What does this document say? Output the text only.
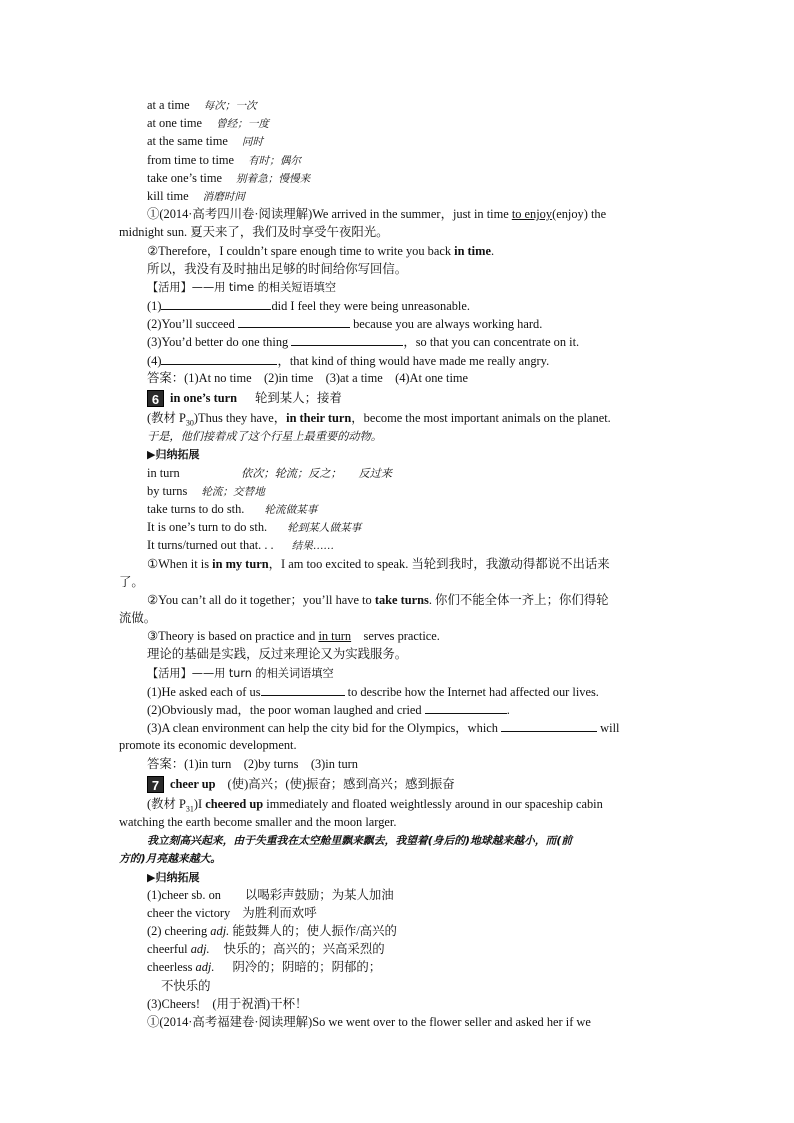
at a time 每次；一次
at one time 曾经；一度
at the same time 同时
from time to time 有时；偶尔
take one’s time 别着急；慢慢来
kill time 消磨时间
①(2014·高考四川卷·阅读理解)We arrived in the summer，just in time to enjoy(enjoy) the
midnight sun. 夏天来了，我们及时享受午夜阳光。
②Therefore，I couldn’t spare enough time to write you back in time.
所以，我没有及时抽出足够的时间给你写回信。
【活用】——用 time 的相关短语填空
(1)	did I feel they were being unreasonable.
(2)You’ll succeed	because you are always working hard.
(3)You’d better do one thing	，so that you can concentrate on it.
(4)	，that kind of thing would have made me really angry.
答案：(1)At no time　(2)in time　(3)at a time　(4)At one time
6 in one’s turn 轮到某人；接着
(教材 $P_{30})Thus$ they have，in their turn，become the most important animals on the planet.
于是，他们接着成了这个行星上最重要的动物。
▶归纳拓展
in turn	依次；轮流；反之；　　反过来
by turns 轮流；交替地
take turns to do sth. 轮流做某事
It is one’s turn to do sth. 轮到某人做某事
It turns/turned out that. . . 结果……
①When it is in my turn，I am too excited to speak. 当轮到我时，我激动得都说不出话来
了。
②You can’t all do it together；you’ll have to take turns. 你们不能全体一齐上；你们得轮
流做。
③Theory is based on practice and in turn　serves practice.
理论的基础是实践，反过来理论又为实践服务。
【活用】——用 turn 的相关词语填空
(1)He asked each of us	to describe how the Internet had affected our lives.
(2)Obviously mad，the poor woman laughed and cried	.
(3)A clean environment can help the city bid for the Olympics，which	will
promote its economic development.
答案：(1)in turn　(2)by turns　(3)in turn
7 cheer up (使)高兴；(使)振奋；感到高兴；感到振奋
(教材 $P_{31})I$ cheered up immediately and floated weightlessly around in our spaceship cabin
watching the earth become smaller and the moon larger.
我立刻高兴起来，由于失重我在太空舱里飘来飘去，我望着(身后的)地球越来越小，而(前
方的)月亮越来越大。
▶归纳拓展
(1)cheer sb. on 以喝彩声鼓励；为某人加油
cheer the victory 为胜利而欢呼
(2) cheering adj. 能鼓舞人的；使人振作/高兴的
cheerful adj. 快乐的；高兴的；兴高采烈的
cheerless adj. 阴冷的；阴暗的；阴郁的；
不快乐的
(3)Cheers!　(用于祝酒)干杯！
①(2014·高考福建卷·阅读理解)So we went over to the flower seller and asked her if we
